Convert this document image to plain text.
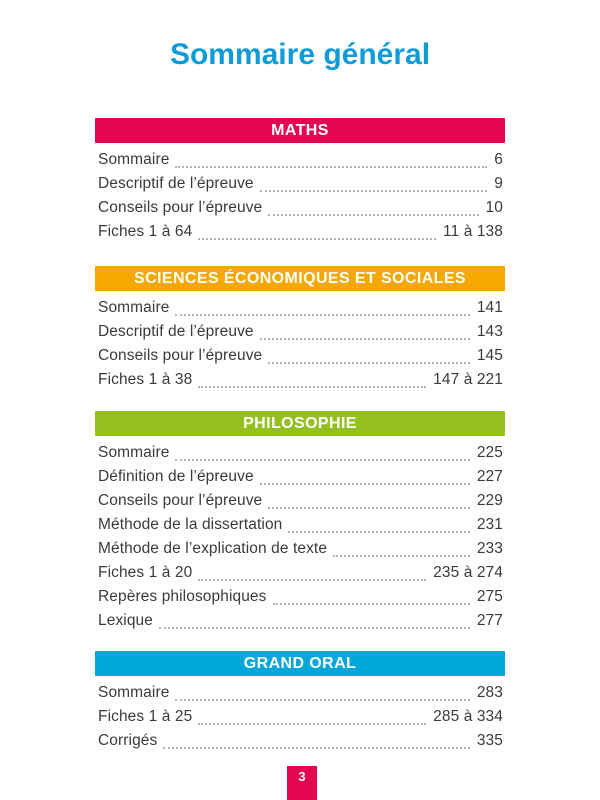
Sommaire général
MATHS
Sommaire	6
Descriptif de l’épreuve	9
Conseils pour l’épreuve	10
Fiches 1 à 64	11 à 138
SCIENCES ÉCONOMIQUES ET SOCIALES
Sommaire	141
Descriptif de l’épreuve	143
Conseils pour l’épreuve	145
Fiches 1 à 38	147 à 221
PHILOSOPHIE
Sommaire	225
Définition de l’épreuve	227
Conseils pour l’épreuve	229
Méthode de la dissertation	231
Méthode de l’explication de texte	233
Fiches 1 à 20	235 à 274
Repères philosophiques	275
Lexique	277
GRAND ORAL
Sommaire	283
Fiches 1 à 25	285 à 334
Corrigés	335
3
